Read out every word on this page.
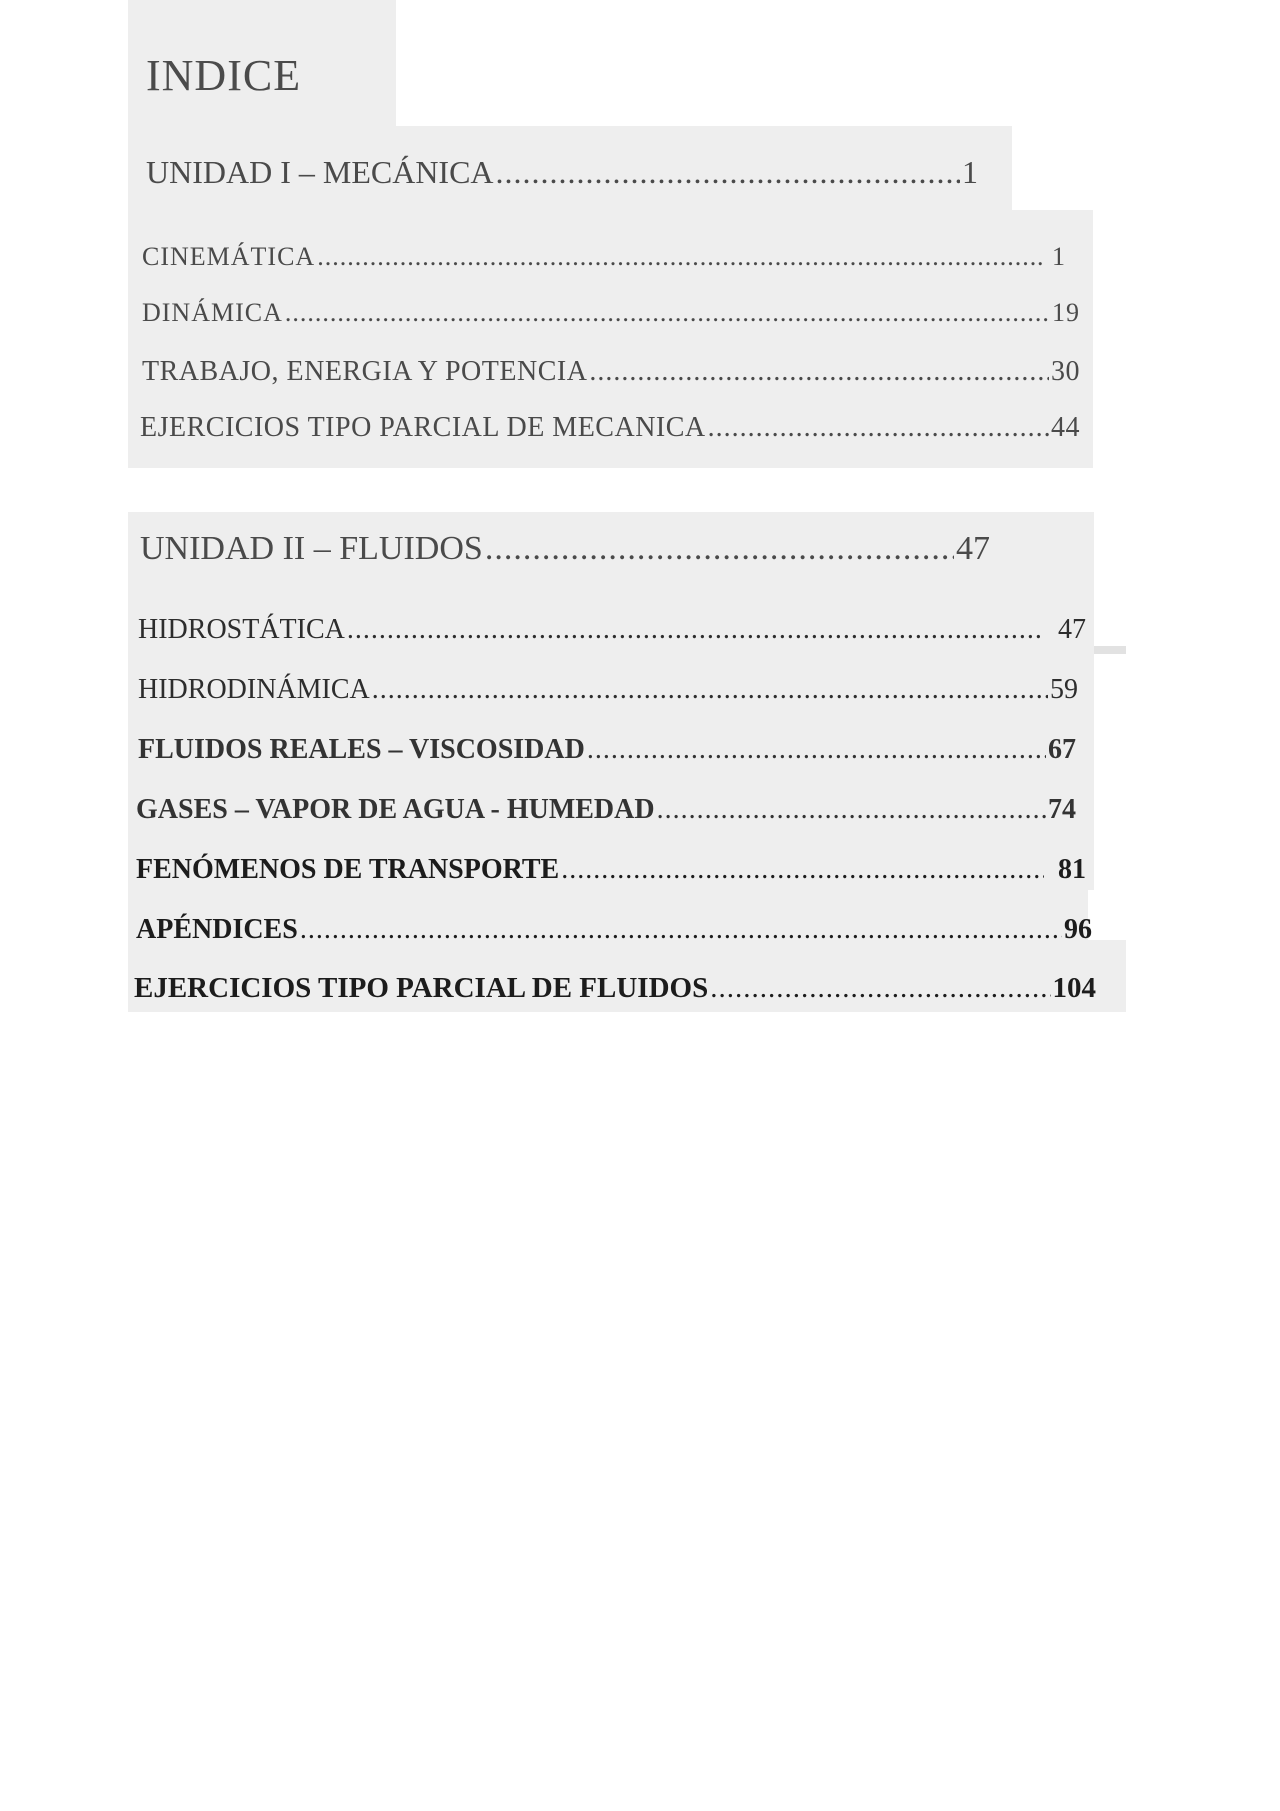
INDICE
UNIDAD I – MECÁNICA .....	1
CINEMÁTICA .....	. 1
DINÁMICA .....	19
TRABAJO, ENERGIA Y POTENCIA .....	30
EJERCICIOS TIPO PARCIAL DE MECANICA .....	44
UNIDAD II – FLUIDOS .....	47
HIDROSTÁTICA .....	47
HIDRODINÁMICA .....	59
FLUIDOS REALES – VISCOSIDAD .....	67
GASES – VAPOR DE AGUA - HUMEDAD .....	74
FENÓMENOS DE TRANSPORTE .....	81
APÉNDICES .....	96
EJERCICIOS TIPO PARCIAL DE FLUIDOS .....	104
